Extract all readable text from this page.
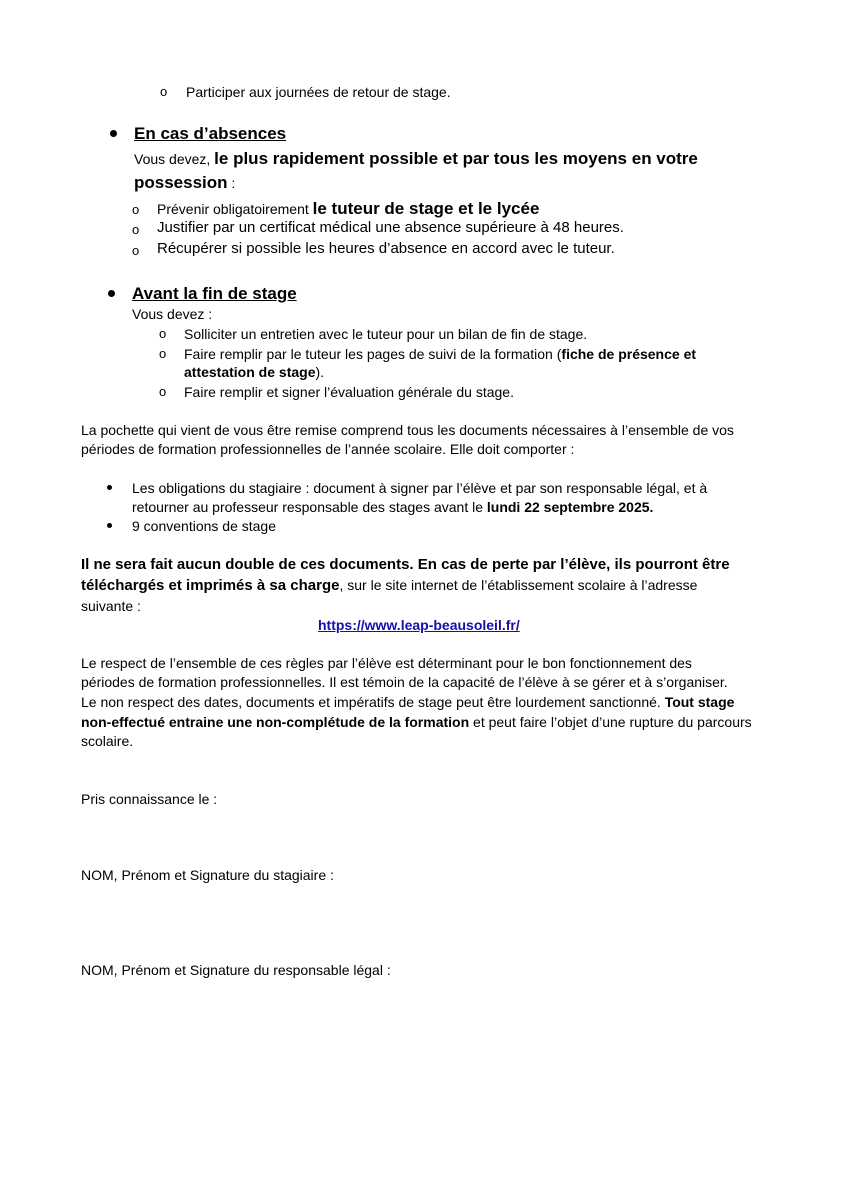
o Participer aux journées de retour de stage.
En cas d’absences
Vous devez, le plus rapidement possible et par tous les moyens en votre
possession :
o Prévenir obligatoirement le tuteur de stage et le lycée
o Justifier par un certificat médical une absence supérieure à 48 heures.
o Récupérer si possible les heures d’absence en accord avec le tuteur.
Avant la fin de stage
Vous devez :
o Solliciter un entretien avec le tuteur pour un bilan de fin de stage.
o Faire remplir par le tuteur les pages de suivi de la formation (fiche de présence et
attestation de stage).
o Faire remplir et signer l’évaluation générale du stage.
La pochette qui vient de vous être remise comprend tous les documents nécessaires à l’ensemble de vos
périodes de formation professionnelles de l’année scolaire. Elle doit comporter :
Les obligations du stagiaire : document à signer par l’élève et par son responsable légal, et à
retourner au professeur responsable des stages avant le lundi 22 septembre 2025.
9 conventions de stage
Il ne sera fait aucun double de ces documents. En cas de perte par l’élève, ils pourront être
téléchargés et imprimés à sa charge, sur le site internet de l’établissement scolaire à l’adresse
suivante :
https://www.leap-beausoleil.fr/
Le respect de l’ensemble de ces règles par l’élève est déterminant pour le bon fonctionnement des
périodes de formation professionnelles. Il est témoin de la capacité de l’élève à se gérer et à s’organiser.
Le non respect des dates, documents et impératifs de stage peut être lourdement sanctionné. Tout stage
non-effectué entraine une non-complétude de la formation et peut faire l’objet d’une rupture du parcours
scolaire.
Pris connaissance le :
NOM, Prénom et Signature du stagiaire :
NOM, Prénom et Signature du responsable légal :
